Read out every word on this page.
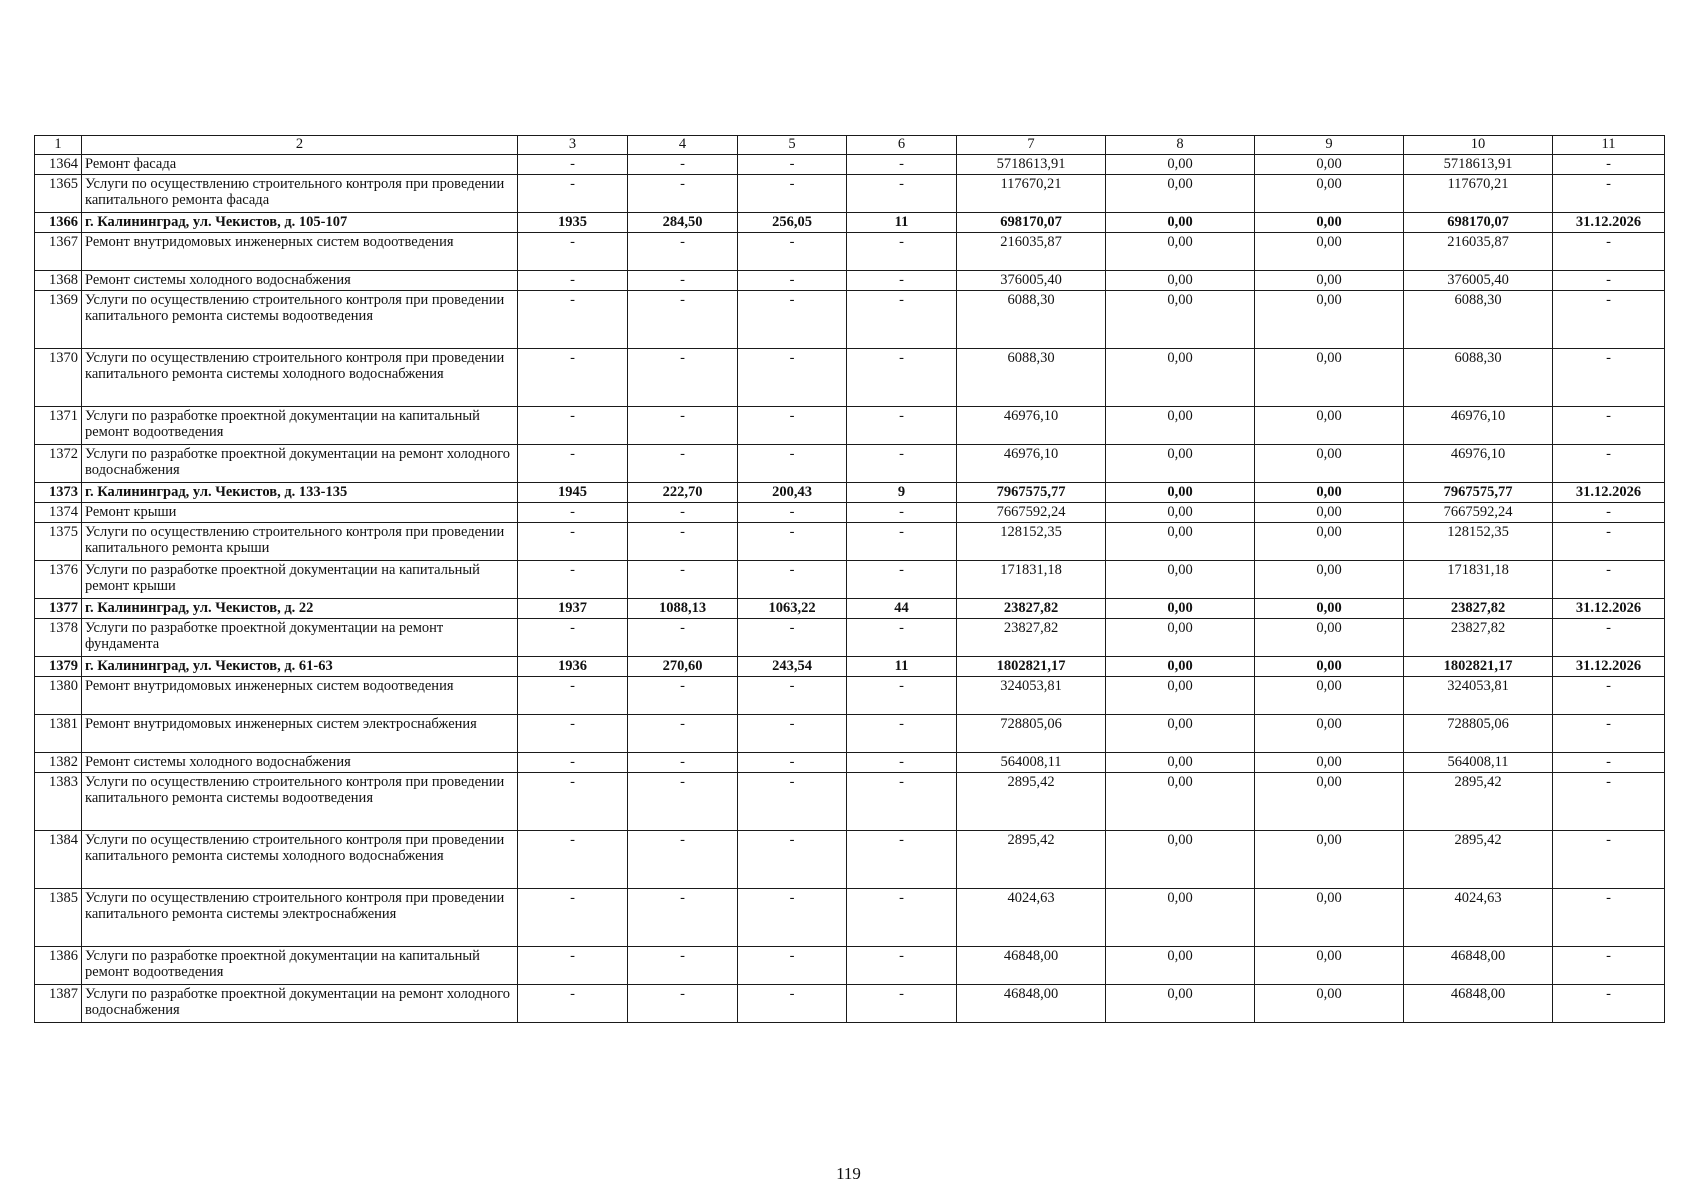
1	2	3	4	5	6	7	8	9	10	11
1364	Ремонт фасада	-	-	-	-	5718613,91	0,00	0,00	5718613,91	-
1365	Услуги по осуществлению строительного контроля при проведении капитального ремонта фасада	-	-	-	-	117670,21	0,00	0,00	117670,21	-
1366	г. Калининград, ул. Чекистов, д. 105-107	1935	284,50	256,05	11	698170,07	0,00	0,00	698170,07	31.12.2026
1367	Ремонт внутридомовых инженерных систем водоотведения	-	-	-	-	216035,87	0,00	0,00	216035,87	-
1368	Ремонт системы холодного водоснабжения	-	-	-	-	376005,40	0,00	0,00	376005,40	-
1369	Услуги по осуществлению строительного контроля при проведении капитального ремонта системы водоотведения	-	-	-	-	6088,30	0,00	0,00	6088,30	-
1370	Услуги по осуществлению строительного контроля при проведении капитального ремонта системы холодного водоснабжения	-	-	-	-	6088,30	0,00	0,00	6088,30	-
1371	Услуги по разработке проектной документации на капитальный ремонт водоотведения	-	-	-	-	46976,10	0,00	0,00	46976,10	-
1372	Услуги по разработке проектной документации на ремонт холодного водоснабжения	-	-	-	-	46976,10	0,00	0,00	46976,10	-
1373	г. Калининград, ул. Чекистов, д. 133-135	1945	222,70	200,43	9	7967575,77	0,00	0,00	7967575,77	31.12.2026
1374	Ремонт крыши	-	-	-	-	7667592,24	0,00	0,00	7667592,24	-
1375	Услуги по осуществлению строительного контроля при проведении капитального ремонта крыши	-	-	-	-	128152,35	0,00	0,00	128152,35	-
1376	Услуги по разработке проектной документации на капитальный ремонт крыши	-	-	-	-	171831,18	0,00	0,00	171831,18	-
1377	г. Калининград, ул. Чекистов, д. 22	1937	1088,13	1063,22	44	23827,82	0,00	0,00	23827,82	31.12.2026
1378	Услуги по разработке проектной документации на ремонт фундамента	-	-	-	-	23827,82	0,00	0,00	23827,82	-
1379	г. Калининград, ул. Чекистов, д. 61-63	1936	270,60	243,54	11	1802821,17	0,00	0,00	1802821,17	31.12.2026
1380	Ремонт внутридомовых инженерных систем водоотведения	-	-	-	-	324053,81	0,00	0,00	324053,81	-
1381	Ремонт внутридомовых инженерных систем электроснабжения	-	-	-	-	728805,06	0,00	0,00	728805,06	-
1382	Ремонт системы холодного водоснабжения	-	-	-	-	564008,11	0,00	0,00	564008,11	-
1383	Услуги по осуществлению строительного контроля при проведении капитального ремонта системы водоотведения	-	-	-	-	2895,42	0,00	0,00	2895,42	-
1384	Услуги по осуществлению строительного контроля при проведении капитального ремонта системы холодного водоснабжения	-	-	-	-	2895,42	0,00	0,00	2895,42	-
1385	Услуги по осуществлению строительного контроля при проведении капитального ремонта системы электроснабжения	-	-	-	-	4024,63	0,00	0,00	4024,63	-
1386	Услуги по разработке проектной документации на капитальный ремонт водоотведения	-	-	-	-	46848,00	0,00	0,00	46848,00	-
1387	Услуги по разработке проектной документации на ремонт холодного водоснабжения	-	-	-	-	46848,00	0,00	0,00	46848,00	-
119
